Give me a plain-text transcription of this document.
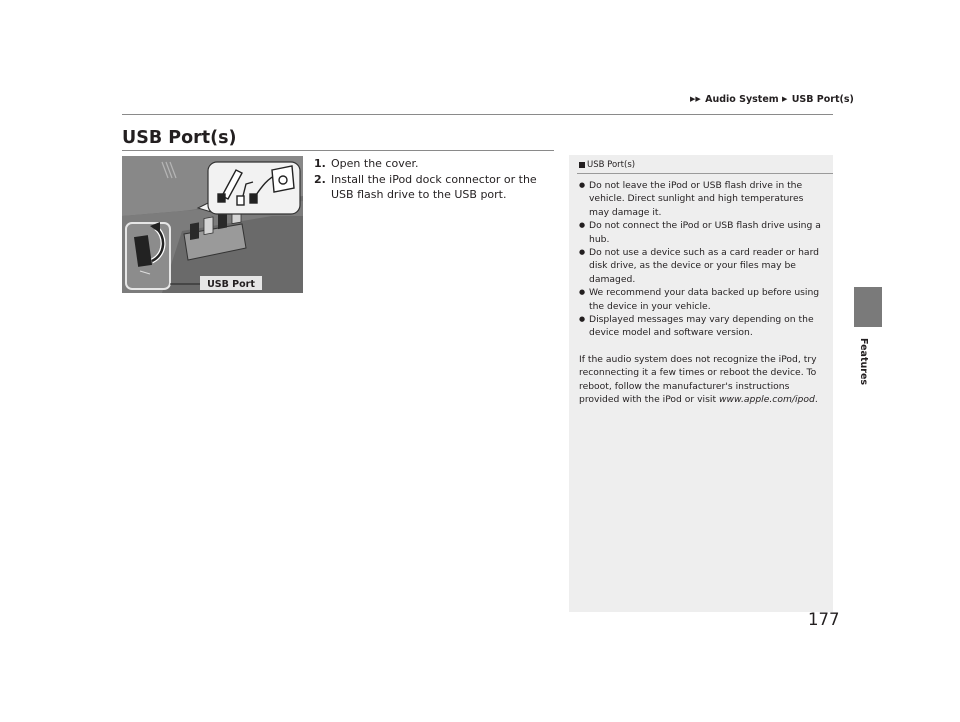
▶▶ Audio System ▶ USB Port(s)
USB Port(s)
USB Port
1. Open the cover.
2. Install the iPod dock connector or the USB flash drive to the USB port.
USB Port(s)
● Do not leave the iPod or USB flash drive in the vehicle. Direct sunlight and high temperatures may damage it.
● Do not connect the iPod or USB flash drive using a hub.
● Do not use a device such as a card reader or hard disk drive, as the device or your files may be damaged.
● We recommend your data backed up before using the device in your vehicle.
● Displayed messages may vary depending on the device model and software version.
If the audio system does not recognize the iPod, try reconnecting it a few times or reboot the device. To reboot, follow the manufacturer's instructions provided with the iPod or visit www.apple.com/ipod.
Features
177
